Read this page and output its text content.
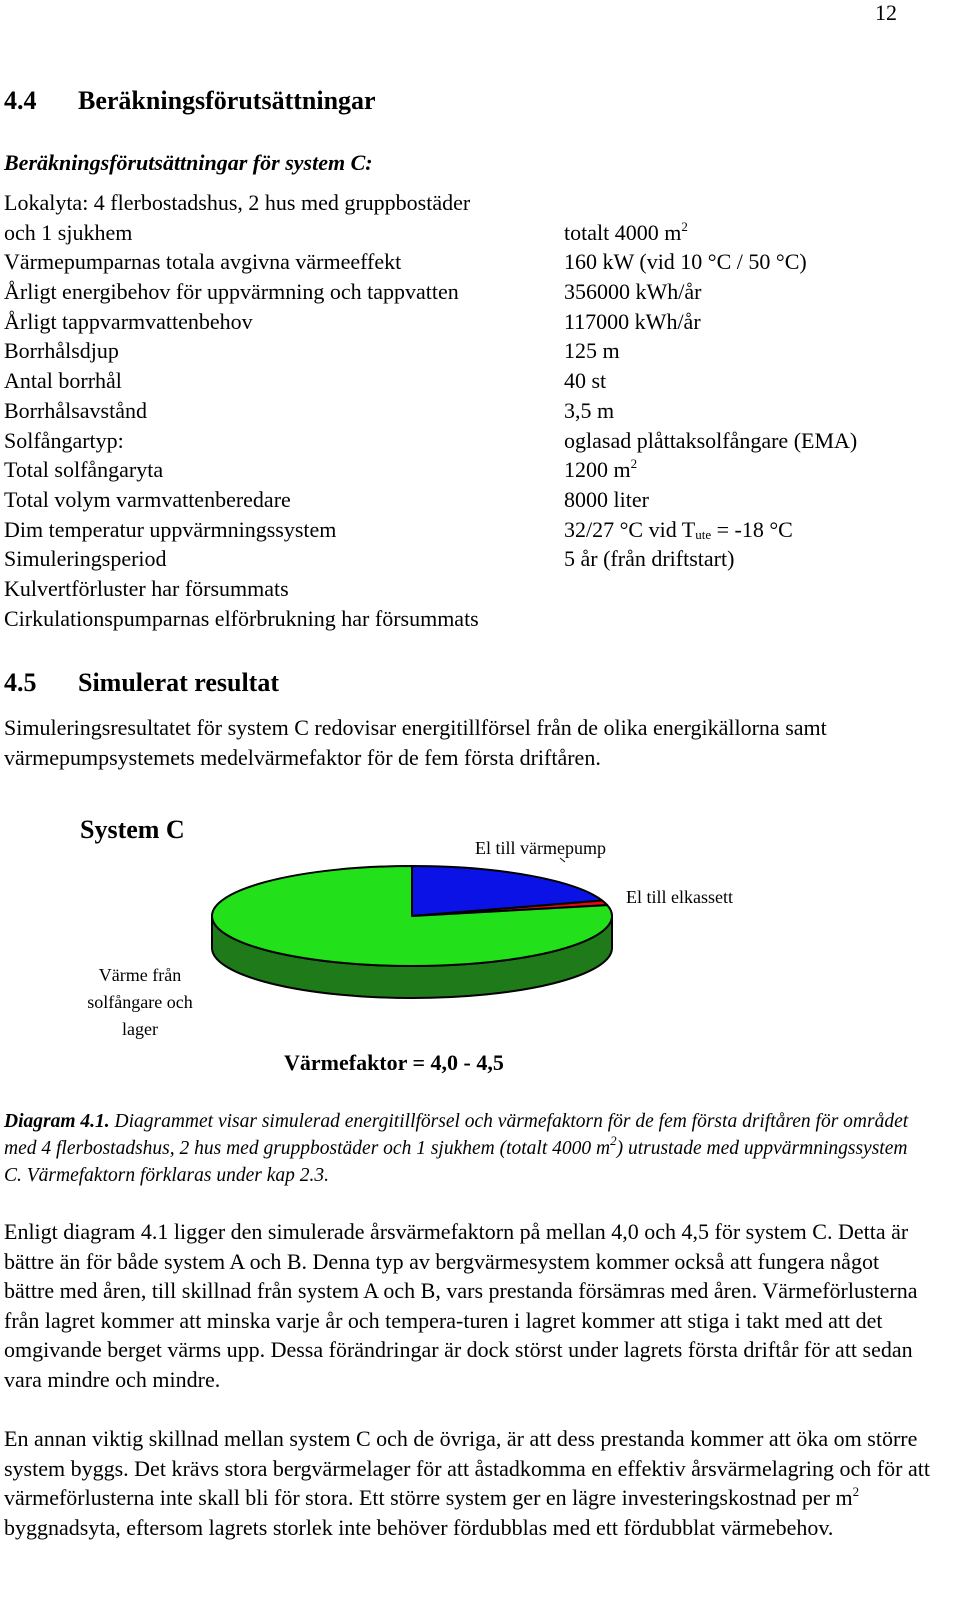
12
4.4 Beräkningsförutsättningar
Beräkningsförutsättningar för system C:
Lokalyta: 4 flerbostadshus, 2 hus med gruppbostäder
och 1 sjukhem	totalt 4000 $m^2$
Värmepumparnas totala avgivna värmeeffekt	160 kW (vid 10 °C / 50 °C)
Årligt energibehov för uppvärmning och tappvatten	356000 kWh/år
Årligt tappvarmvattenbehov	117000 kWh/år
Borrhålsdjup	125 m
Antal borrhål	40 st
Borrhålsavstånd	3,5 m
Solfångartyp:	oglasad plåttaksolfångare (EMA)
Total solfångaryta	1200 $m^2$
Total volym varmvattenberedare	8000 liter
Dim temperatur uppvärmningssystem	32/27 °C vid $T_{ute} = -18$ °C
Simuleringsperiod	5 år (från driftstart)
Kulvertförluster har försummats
Cirkulationspumparnas elförbrukning har försummats
4.5 Simulerat resultat

Simuleringsresultatet för system C redovisar energitillförsel från de olika energikällorna samt värmepumpsystemets medelvärmefaktor för de fem första driftåren.

System C
El till värmepump
El till elkassett
Värme från solfångare och lager
Värmefaktor = 4,0 - 4,5

Diagram 4.1. Diagrammet visar simulerad energitillförsel och värmefaktorn för de fem första driftåren för området med 4 flerbostadshus, 2 hus med gruppbostäder och 1 sjukhem (totalt 4000 $m^2$) utrustade med uppvärmningssystem C. Värmefaktorn förklaras under kap 2.3.

Enligt diagram 4.1 ligger den simulerade årsvärmefaktorn på mellan 4,0 och 4,5 för system C. Detta är bättre än för både system A och B. Denna typ av bergvärmesystem kommer också att fungera något bättre med åren, till skillnad från system A och B, vars prestanda försämras med åren. Värmeförlusterna från lagret kommer att minska varje år och tempera-turen i lagret kommer att stiga i takt med att det omgivande berget värms upp. Dessa förändringar är dock störst under lagrets första driftår för att sedan vara mindre och mindre.

En annan viktig skillnad mellan system C och de övriga, är att dess prestanda kommer att öka om större system byggs. Det krävs stora bergvärmelager för att åstadkomma en effektiv årsvärmelagring och för att värmeförlusterna inte skall bli för stora. Ett större system ger en lägre investeringskostnad per $m^2$ byggnadsyta, eftersom lagrets storlek inte behöver fördubblas med ett fördubblat värmebehov.
